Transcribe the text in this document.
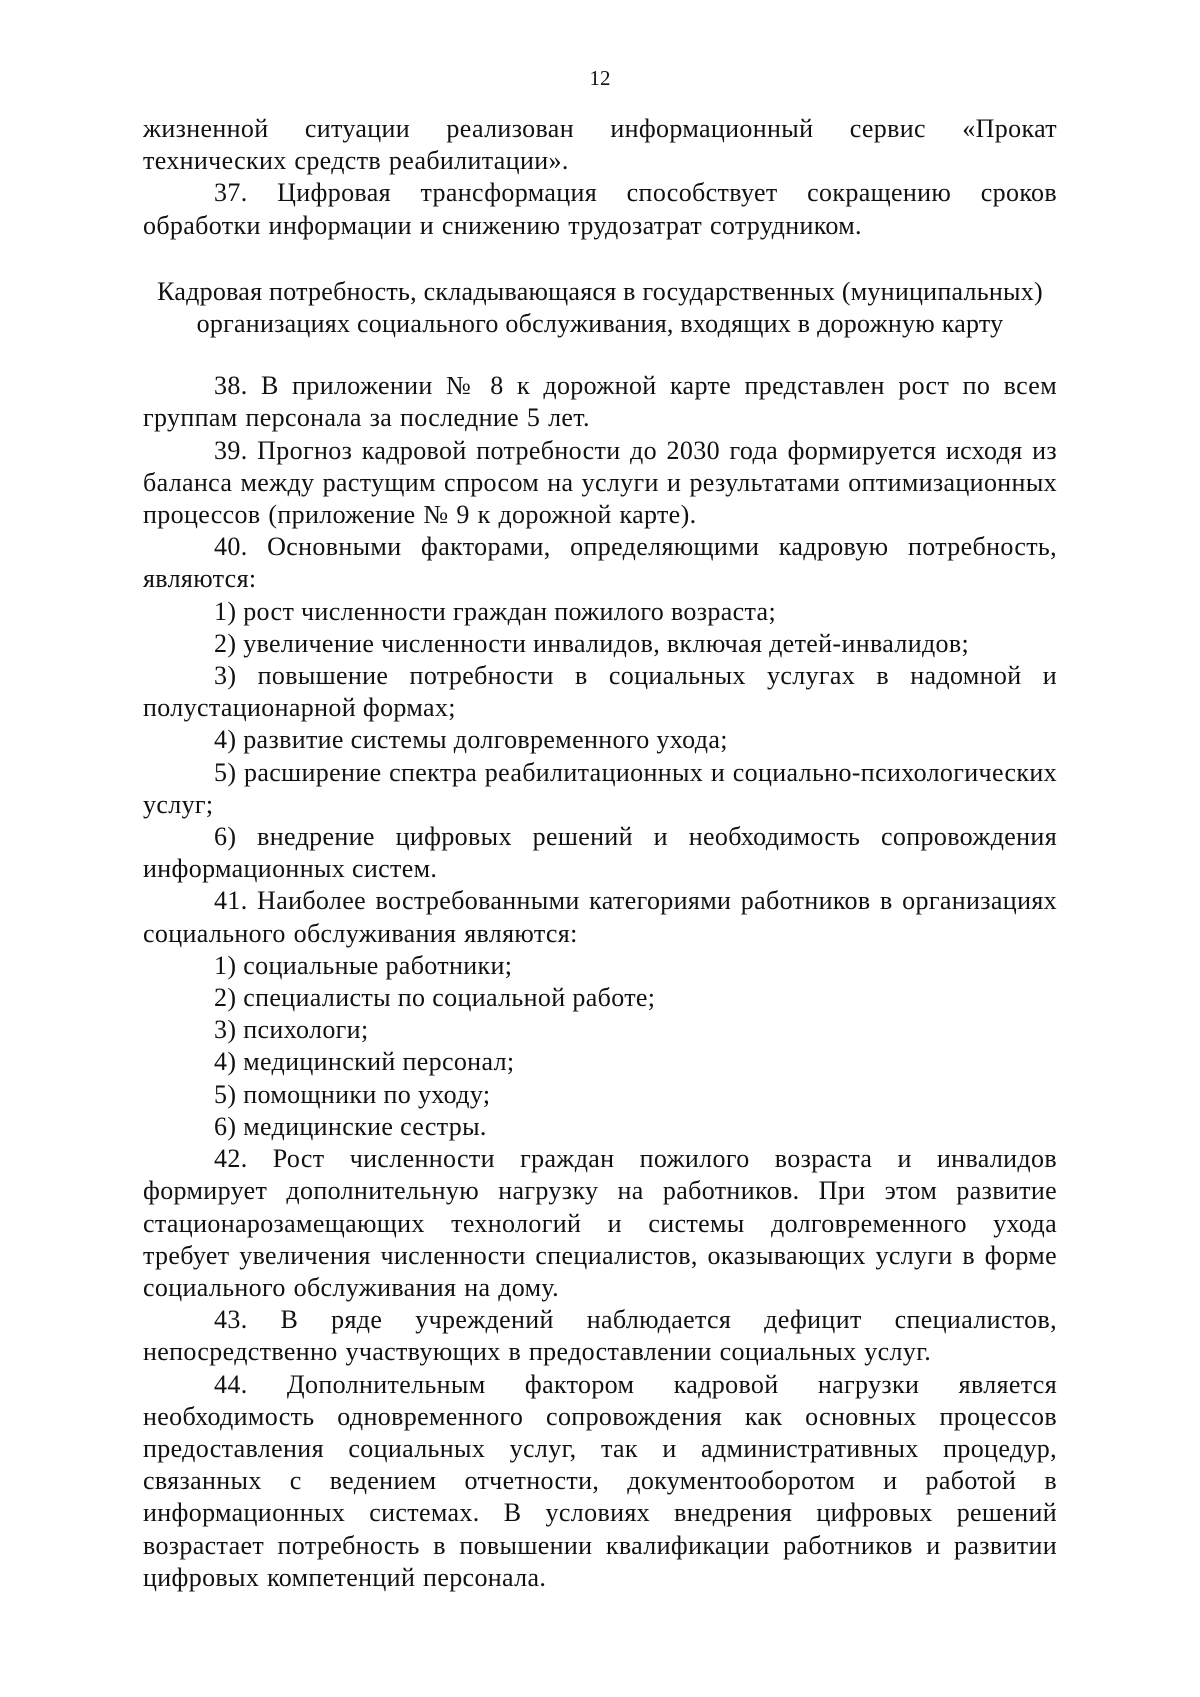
12

жизненной ситуации реализован информационный сервис «Прокат технических средств реабилитации».

37. Цифровая трансформация способствует сокращению сроков обработки информации и снижению трудозатрат сотрудником.

Кадровая потребность, складывающаяся в государственных (муниципальных)
организациях социального обслуживания, входящих в дорожную карту

38. В приложении № 8 к дорожной карте представлен рост по всем группам персонала за последние 5 лет.

39. Прогноз кадровой потребности до 2030 года формируется исходя из баланса между растущим спросом на услуги и результатами оптимизационных процессов (приложение № 9 к дорожной карте).

40. Основными факторами, определяющими кадровую потребность, являются:

1) рост численности граждан пожилого возраста;

2) увеличение численности инвалидов, включая детей-инвалидов;

3) повышение потребности в социальных услугах в надомной и полустационарной формах;

4) развитие системы долговременного ухода;

5) расширение спектра реабилитационных и социально-психологических услуг;

6) внедрение цифровых решений и необходимость сопровождения информационных систем.

41. Наиболее востребованными категориями работников в организациях социального обслуживания являются:

1) социальные работники;

2) специалисты по социальной работе;

3) психологи;

4) медицинский персонал;

5) помощники по уходу;

6) медицинские сестры.

42. Рост численности граждан пожилого возраста и инвалидов формирует дополнительную нагрузку на работников. При этом развитие стационарозамещающих технологий и системы долговременного ухода требует увеличения численности специалистов, оказывающих услуги в форме социального обслуживания на дому.

43. В ряде учреждений наблюдается дефицит специалистов, непосредственно участвующих в предоставлении социальных услуг.

44. Дополнительным фактором кадровой нагрузки является необходимость одновременного сопровождения как основных процессов предоставления социальных услуг, так и административных процедур, связанных с ведением отчетности, документооборотом и работой в информационных системах. В условиях внедрения цифровых решений возрастает потребность в повышении квалификации работников и развитии цифровых компетенций персонала.
